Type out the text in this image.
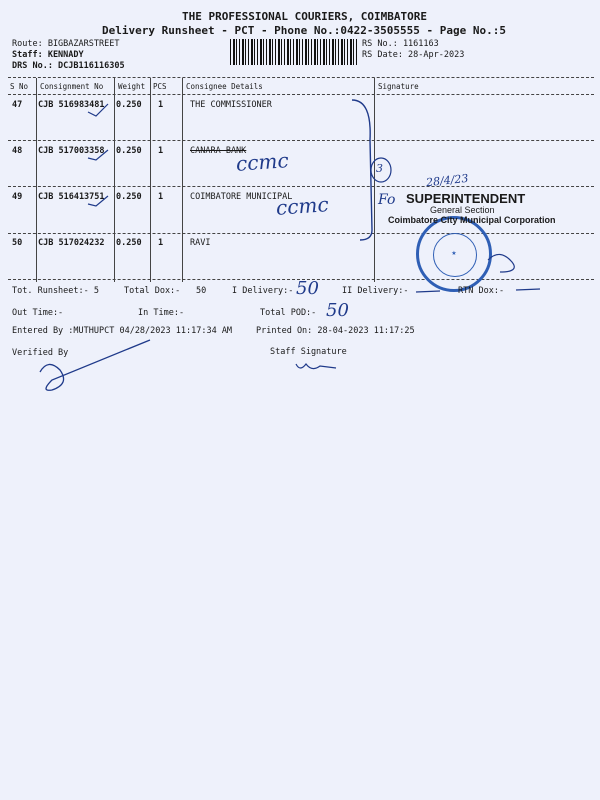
THE PROFESSIONAL COURIERS, COIMBATORE
Delivery Runsheet - PCT - Phone No.:0422-3505555 - Page No.:5
Route: BIGBAZARSTREET
Staff: KENNADY
DRS No.: DCJB116116305
RS No.: 1161163
RS Date: 28-Apr-2023
S No Consignment No Weight PCS	Consignee Details	Signature
47 CJB 516983481 0.250 1	THE COMMISSIONER
48 CJB 517003358 0.250 1	CANARA BANK
49 CJB 516413751 0.250 1	COIMBATORE MUNICIPAL
50 CJB 517024232 0.250 1	RAVI
★
SUPERINTENDENT
General Section
Coimbatore City Municipal Corporation
ccmc
ccmc
3
28/4/23
Fo
Tot. Runsheet:- 5	Total Dox:- 50	I Delivery:- 50	II Delivery:-	RTN Dox:-
Out Time:-	In Time:-	Total POD:- 50
Entered By :MUTHUPCT 04/28/2023 11:17:34 AM	Printed On: 28-04-2023 11:17:25
Verified By	Staff Signature
